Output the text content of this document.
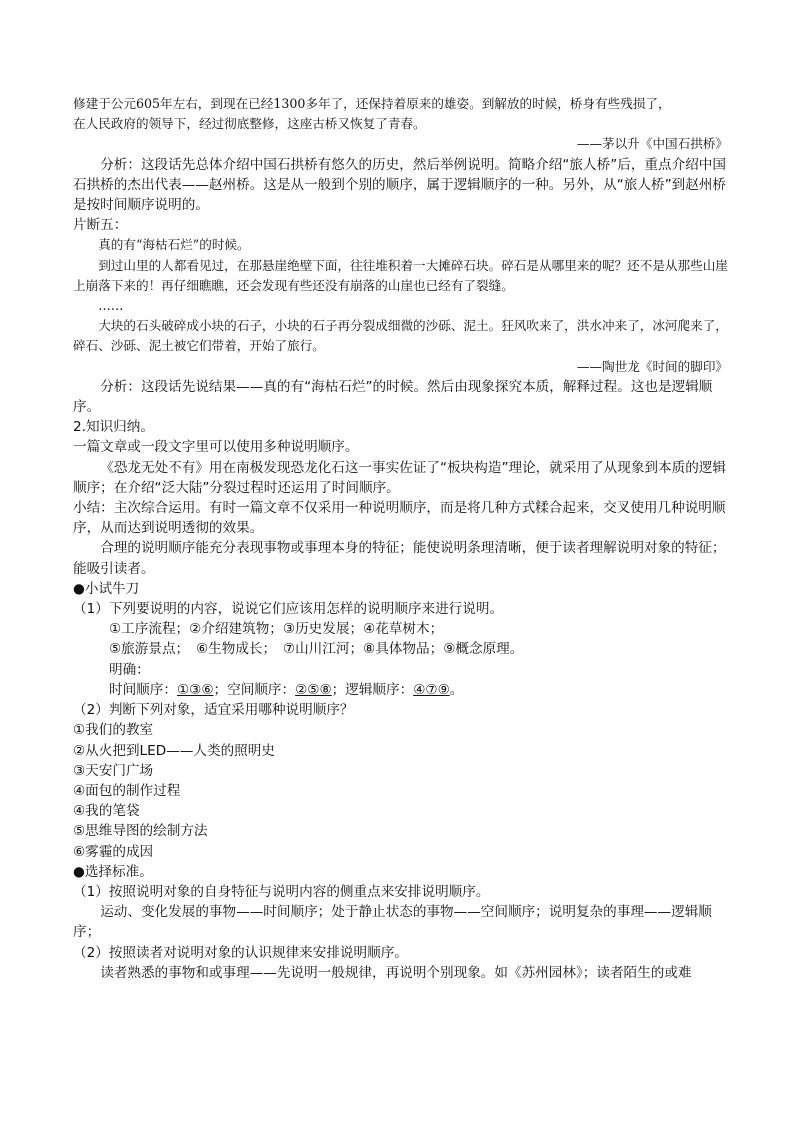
修建于公元605年左右，到现在已经1300多年了，还保持着原来的雄姿。到解放的时候，桥身有些残损了，

在人民政府的领导下，经过彻底整修，这座古桥又恢复了青春。

——茅以升《中国石拱桥》

分析：这段话先总体介绍中国石拱桥有悠久的历史，然后举例说明。简略介绍“旅人桥”后，重点介绍中国石拱桥的杰出代表——赵州桥。这是从一般到个别的顺序，属于逻辑顺序的一种。另外，从“旅人桥”到赵州桥是按时间顺序说明的。

片断五：

真的有“海枯石烂”的时候。

到过山里的人都看见过，在那悬崖绝壁下面，往往堆积着一大摊碎石块。碎石是从哪里来的呢？还不是从那些山崖上崩落下来的！再仔细瞧瞧，还会发现有些还没有崩落的山崖也已经有了裂缝。

……

大块的石头破碎成小块的石子，小块的石子再分裂成细微的沙砾、泥土。狂风吹来了，洪水冲来了，冰河爬来了，碎石、沙砾、泥土被它们带着，开始了旅行。

——陶世龙《时间的脚印》

分析：这段话先说结果——真的有“海枯石烂”的时候。然后由现象探究本质，解释过程。这也是逻辑顺序。

2.知识归纳。

一篇文章或一段文字里可以使用多种说明顺序。

《恐龙无处不有》用在南极发现恐龙化石这一事实佐证了“板块构造”理论，就采用了从现象到本质的逻辑顺序；在介绍“泛大陆”分裂过程时还运用了时间顺序。

小结：主次综合运用。有时一篇文章不仅采用一种说明顺序，而是将几种方式糅合起来，交叉使用几种说明顺序，从而达到说明透彻的效果。

合理的说明顺序能充分表现事物或事理本身的特征；能使说明条理清晰，便于读者理解说明对象的特征；能吸引读者。

●小试牛刀

（1）下列要说明的内容，说说它们应该用怎样的说明顺序来进行说明。

①工序流程；②介绍建筑物；③历史发展；④花草树木；

⑤旅游景点；　⑥生物成长；　⑦山川江河；⑧具体物品；⑨概念原理。

明确：

时间顺序：①③⑥；空间顺序：②⑤⑧；逻辑顺序：④⑦⑨。

（2）判断下列对象，适宜采用哪种说明顺序？

①我们的教室

②从火把到LED——人类的照明史

③天安门广场

④面包的制作过程

④我的笔袋

⑤思维导图的绘制方法

⑥雾霾的成因

●选择标准。

（1）按照说明对象的自身特征与说明内容的侧重点来安排说明顺序。

运动、变化发展的事物——时间顺序；处于静止状态的事物——空间顺序；说明复杂的事理——逻辑顺序；

（2）按照读者对说明对象的认识规律来安排说明顺序。

读者熟悉的事物和或事理——先说明一般规律，再说明个别现象。如《苏州园林》；读者陌生的或难
